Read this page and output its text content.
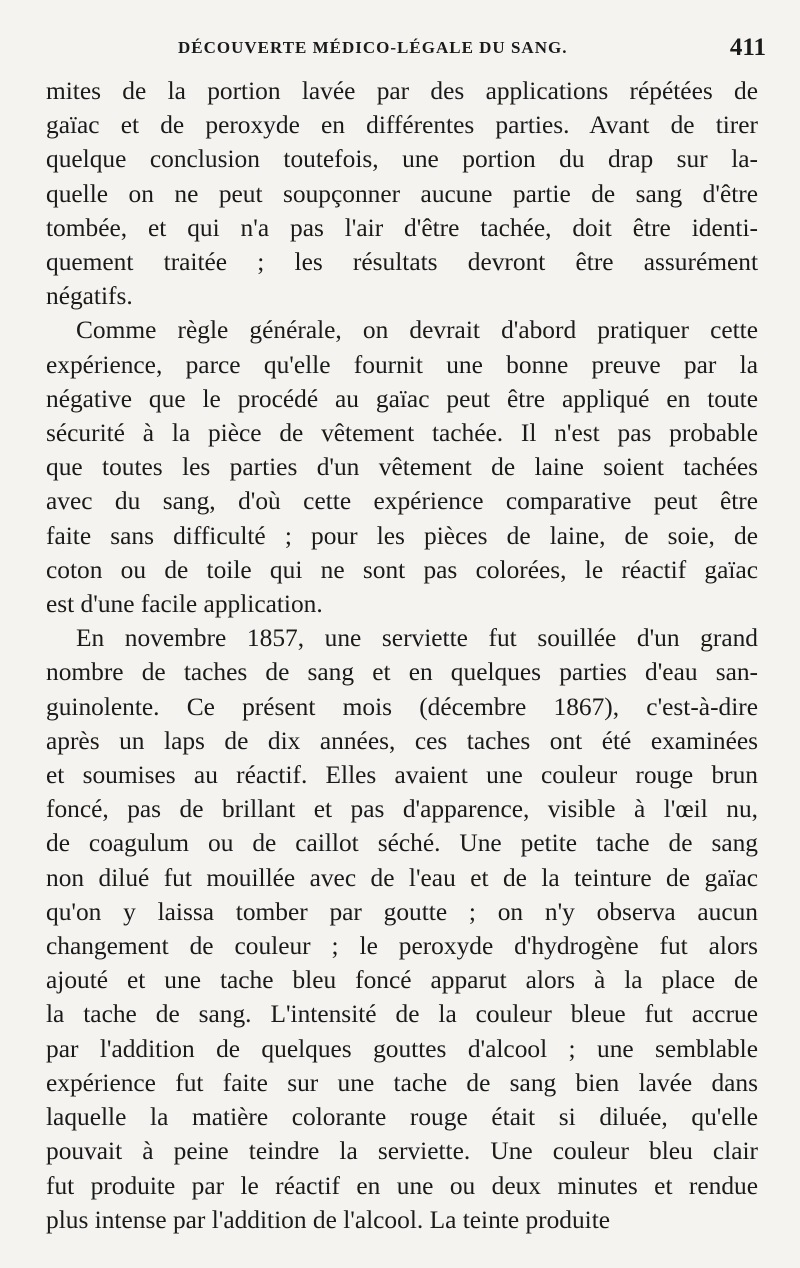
DÉCOUVERTE MÉDICO-LÉGALE DU SANG.	411

mites de la portion lavée par des applications répétées de
gaïac et de peroxyde en différentes parties. Avant de tirer
quelque conclusion toutefois, une portion du drap sur la-
quelle on ne peut soupçonner aucune partie de sang d'être
tombée, et qui n'a pas l'air d'être tachée, doit être identi-
quement traitée ; les résultats devront être assurément
négatifs.

Comme règle générale, on devrait d'abord pratiquer cette
expérience, parce qu'elle fournit une bonne preuve par la
négative que le procédé au gaïac peut être appliqué en toute
sécurité à la pièce de vêtement tachée. Il n'est pas probable
que toutes les parties d'un vêtement de laine soient tachées
avec du sang, d'où cette expérience comparative peut être
faite sans difficulté ; pour les pièces de laine, de soie, de
coton ou de toile qui ne sont pas colorées, le réactif gaïac
est d'une facile application.

En novembre 1857, une serviette fut souillée d'un grand
nombre de taches de sang et en quelques parties d'eau san-
guinolente. Ce présent mois (décembre 1867), c'est-à-dire
après un laps de dix années, ces taches ont été examinées
et soumises au réactif. Elles avaient une couleur rouge brun
foncé, pas de brillant et pas d'apparence, visible à l'œil nu,
de coagulum ou de caillot séché. Une petite tache de sang
non dilué fut mouillée avec de l'eau et de la teinture de gaïac
qu'on y laissa tomber par goutte ; on n'y observa aucun
changement de couleur ; le peroxyde d'hydrogène fut alors
ajouté et une tache bleu foncé apparut alors à la place de
la tache de sang. L'intensité de la couleur bleue fut accrue
par l'addition de quelques gouttes d'alcool ; une semblable
expérience fut faite sur une tache de sang bien lavée dans
laquelle la matière colorante rouge était si diluée, qu'elle
pouvait à peine teindre la serviette. Une couleur bleu clair
fut produite par le réactif en une ou deux minutes et rendue
plus intense par l'addition de l'alcool. La teinte produite
